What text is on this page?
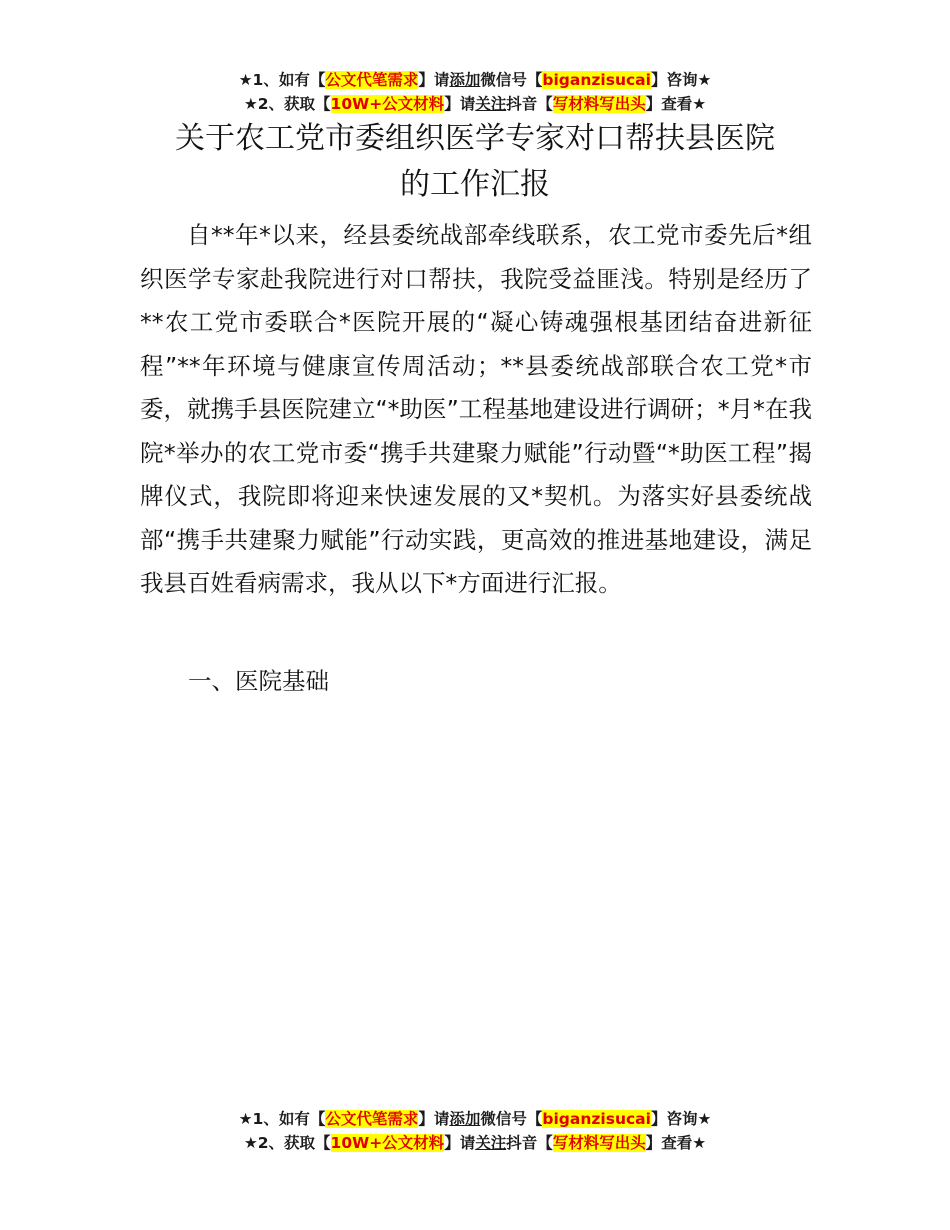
★1、如有【公文代笔需求】请添加微信号【biganzisucai】咨询★
★2、获取【10W+公文材料】请关注抖音【写材料写出头】查看★
关于农工党市委组织医学专家对口帮扶县医院
的工作汇报

自**年*以来，经县委统战部牵线联系，农工党市委先后*组织医学专家赴我院进行对口帮扶，我院受益匪浅。特别是经历了**农工党市委联合*医院开展的“凝心铸魂强根基团结奋进新征程”**年环境与健康宣传周活动；**县委统战部联合农工党*市委，就携手县医院建立“*助医”工程基地建设进行调研；*月*在我院*举办的农工党市委“携手共建聚力赋能”行动暨“*助医工程”揭牌仪式，我院即将迎来快速发展的又*契机。为落实好县委统战部“携手共建聚力赋能”行动实践，更高效的推进基地建设，满足我县百姓看病需求，我从以下*方面进行汇报。

一、医院基础
★1、如有【公文代笔需求】请添加微信号【biganzisucai】咨询★
★2、获取【10W+公文材料】请关注抖音【写材料写出头】查看★
